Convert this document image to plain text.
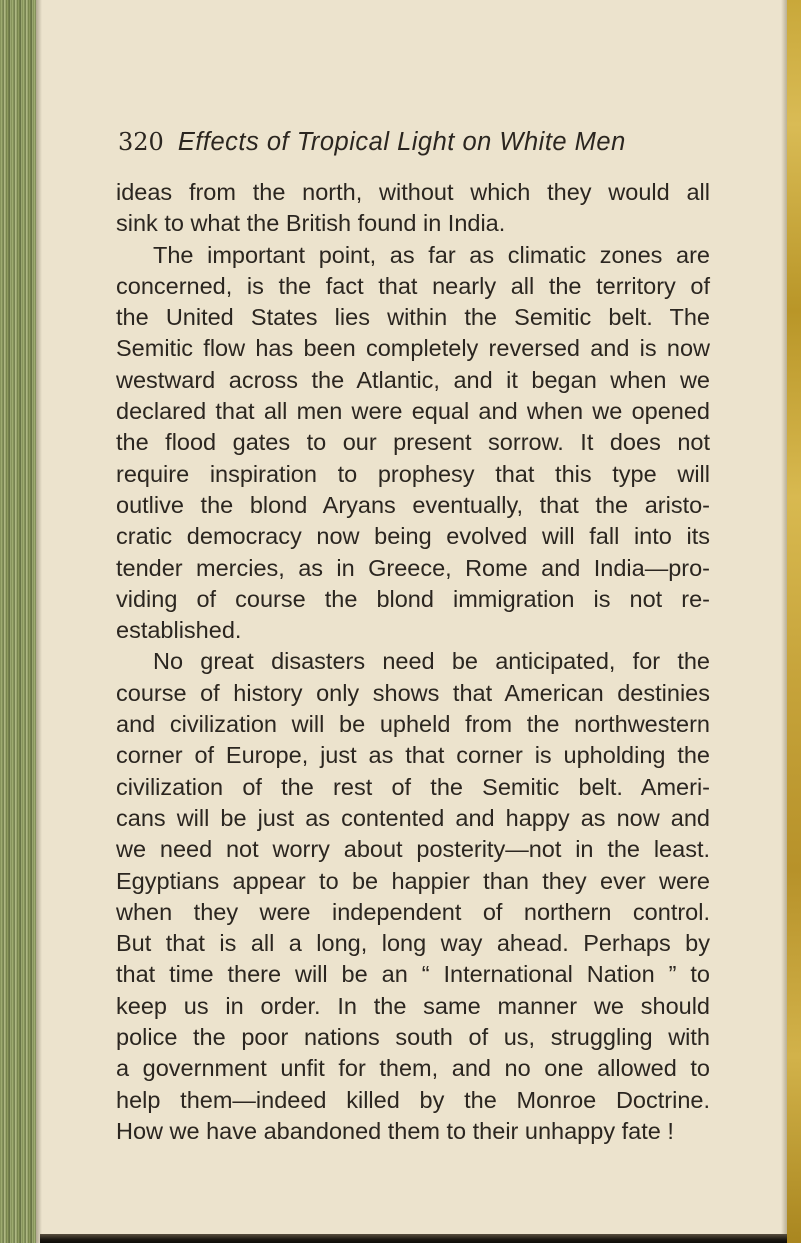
320 Effects of Tropical Light on White Men
ideas from the north, without which they would all
sink to what the British found in India.
The important point, as far as climatic zones are
concerned, is the fact that nearly all the territory of
the United States lies within the Semitic belt. The
Semitic flow has been completely reversed and is now
westward across the Atlantic, and it began when we
declared that all men were equal and when we opened
the flood gates to our present sorrow. It does not
require inspiration to prophesy that this type will
outlive the blond Aryans eventually, that the aristo-
cratic democracy now being evolved will fall into its
tender mercies, as in Greece, Rome and India—pro-
viding of course the blond immigration is not re-
established.
No great disasters need be anticipated, for the
course of history only shows that American destinies
and civilization will be upheld from the northwestern
corner of Europe, just as that corner is upholding the
civilization of the rest of the Semitic belt. Ameri-
cans will be just as contented and happy as now and
we need not worry about posterity—not in the least.
Egyptians appear to be happier than they ever were
when they were independent of northern control.
But that is all a long, long way ahead. Perhaps by
that time there will be an “ International Nation ” to
keep us in order. In the same manner we should
police the poor nations south of us, struggling with
a government unfit for them, and no one allowed to
help them—indeed killed by the Monroe Doctrine.
How we have abandoned them to their unhappy fate !
